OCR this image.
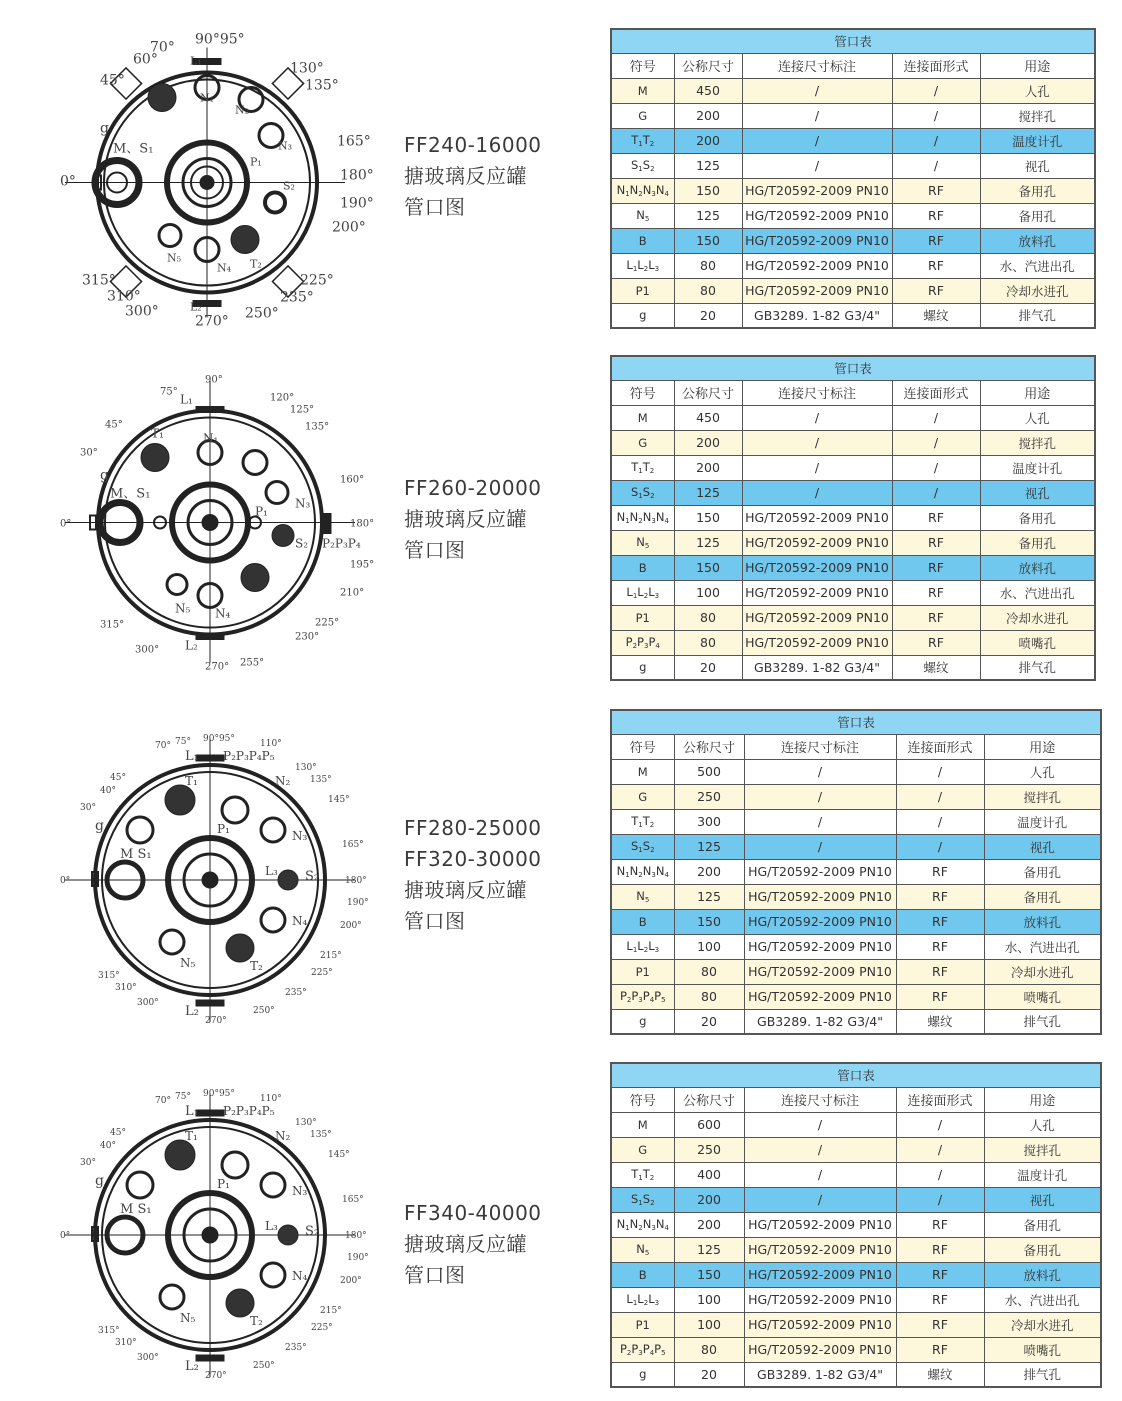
90°95°
70°
60°
45°
130°
135°
165°
180°
190°
200°
0°
225°
235°
250°
270°
300°
310°
315°
L₁
L₂
N₁
N₂
N₃
N₄
N₅
M、S₁
g
T₂
S₂
P₁
FF240-16000
搪玻璃反应罐
管口图
管口表				
符号	公称尺寸	连接尺寸标注	连接面形式	用途
M	450	/	/	人孔
G	200	/	/	搅拌孔
$T_1T_2$	200	/	/	温度计孔
$S_1S_2$	125	/	/	视孔
$N_1N_2N_3N_4$	150	HG/T20592-2009 PN10	RF	备用孔
$N_5$	125	HG/T20592-2009 PN10	RF	备用孔
B	150	HG/T20592-2009 PN10	RF	放料孔
$L_1L_2L_3$	80	HG/T20592-2009 PN10	RF	水、汽进出孔
P1	80	HG/T20592-2009 PN10	RF	冷却水进孔
g	20	GB3289. 1-82 G3/4"	螺纹	排气孔
90°
75°
45°
30°
120°
125°
135°
160°
180°
195°
210°
0°
225°
230°
255°
270°
300°
315°
L₁
L₂
N₁
N₃
N₄
N₅
T₁
M、S₁
g
S₂
P₁
P₂P₃P₄
FF260-20000
搪玻璃反应罐
管口图
管口表				
符号	公称尺寸	连接尺寸标注	连接面形式	用途
M	450	/	/	人孔
G	200	/	/	搅拌孔
$T_1T_2$	200	/	/	温度计孔
$S_1S_2$	125	/	/	视孔
$N_1N_2N_3N_4$	150	HG/T20592-2009 PN10	RF	备用孔
$N_5$	125	HG/T20592-2009 PN10	RF	备用孔
B	150	HG/T20592-2009 PN10	RF	放料孔
$L_1L_2L_3$	100	HG/T20592-2009 PN10	RF	水、汽进出孔
P1	80	HG/T20592-2009 PN10	RF	冷却水进孔
$P_2P_3P_4$	80	HG/T20592-2009 PN10	RF	喷嘴孔
g	20	GB3289. 1-82 G3/4"	螺纹	排气孔
90°95°
70° 75°
45°
40°
30°
110°
130°
135°
145°
165°
180°
190°
200°
0°
215°
225°
235°
250°
270°
300°
310°
315°
L₁
L₂
N₂
N₃
N₄
N₅
T₁
T₂
M S₁
g
S₂
P₁
P₂P₃P₄P₅
L₃
FF280-25000
FF320-30000
搪玻璃反应罐
管口图
管口表				
符号	公称尺寸	连接尺寸标注	连接面形式	用途
M	500	/	/	人孔
G	250	/	/	搅拌孔
$T_1T_2$	300	/	/	温度计孔
$S_1S_2$	125	/	/	视孔
$N_1N_2N_3N_4$	200	HG/T20592-2009 PN10	RF	备用孔
$N_5$	125	HG/T20592-2009 PN10	RF	备用孔
B	150	HG/T20592-2009 PN10	RF	放料孔
$L_1L_2L_3$	100	HG/T20592-2009 PN10	RF	水、汽进出孔
P1	80	HG/T20592-2009 PN10	RF	冷却水进孔
$P_2P_3P_4P_5$	80	HG/T20592-2009 PN10	RF	喷嘴孔
g	20	GB3289. 1-82 G3/4"	螺纹	排气孔
90°95°
70° 75°
45°
40°
30°
110°
130°
135°
145°
165°
180°
190°
200°
0°
215°
225°
235°
250°
270°
300°
310°
315°
L₁
L₂
N₂
N₃
N₄
N₅
T₁
T₂
M S₁
g
S₂
P₁
P₂P₃P₄P₅
L₃
FF340-40000
搪玻璃反应罐
管口图
管口表				
符号	公称尺寸	连接尺寸标注	连接面形式	用途
M	600	/	/	人孔
G	250	/	/	搅拌孔
$T_1T_2$	400	/	/	温度计孔
$S_1S_2$	200	/	/	视孔
$N_1N_2N_3N_4$	200	HG/T20592-2009 PN10	RF	备用孔
$N_5$	125	HG/T20592-2009 PN10	RF	备用孔
B	150	HG/T20592-2009 PN10	RF	放料孔
$L_1L_2L_3$	100	HG/T20592-2009 PN10	RF	水、汽进出孔
P1	100	HG/T20592-2009 PN10	RF	冷却水进孔
$P_2P_3P_4P_5$	80	HG/T20592-2009 PN10	RF	喷嘴孔
g	20	GB3289. 1-82 G3/4"	螺纹	排气孔
